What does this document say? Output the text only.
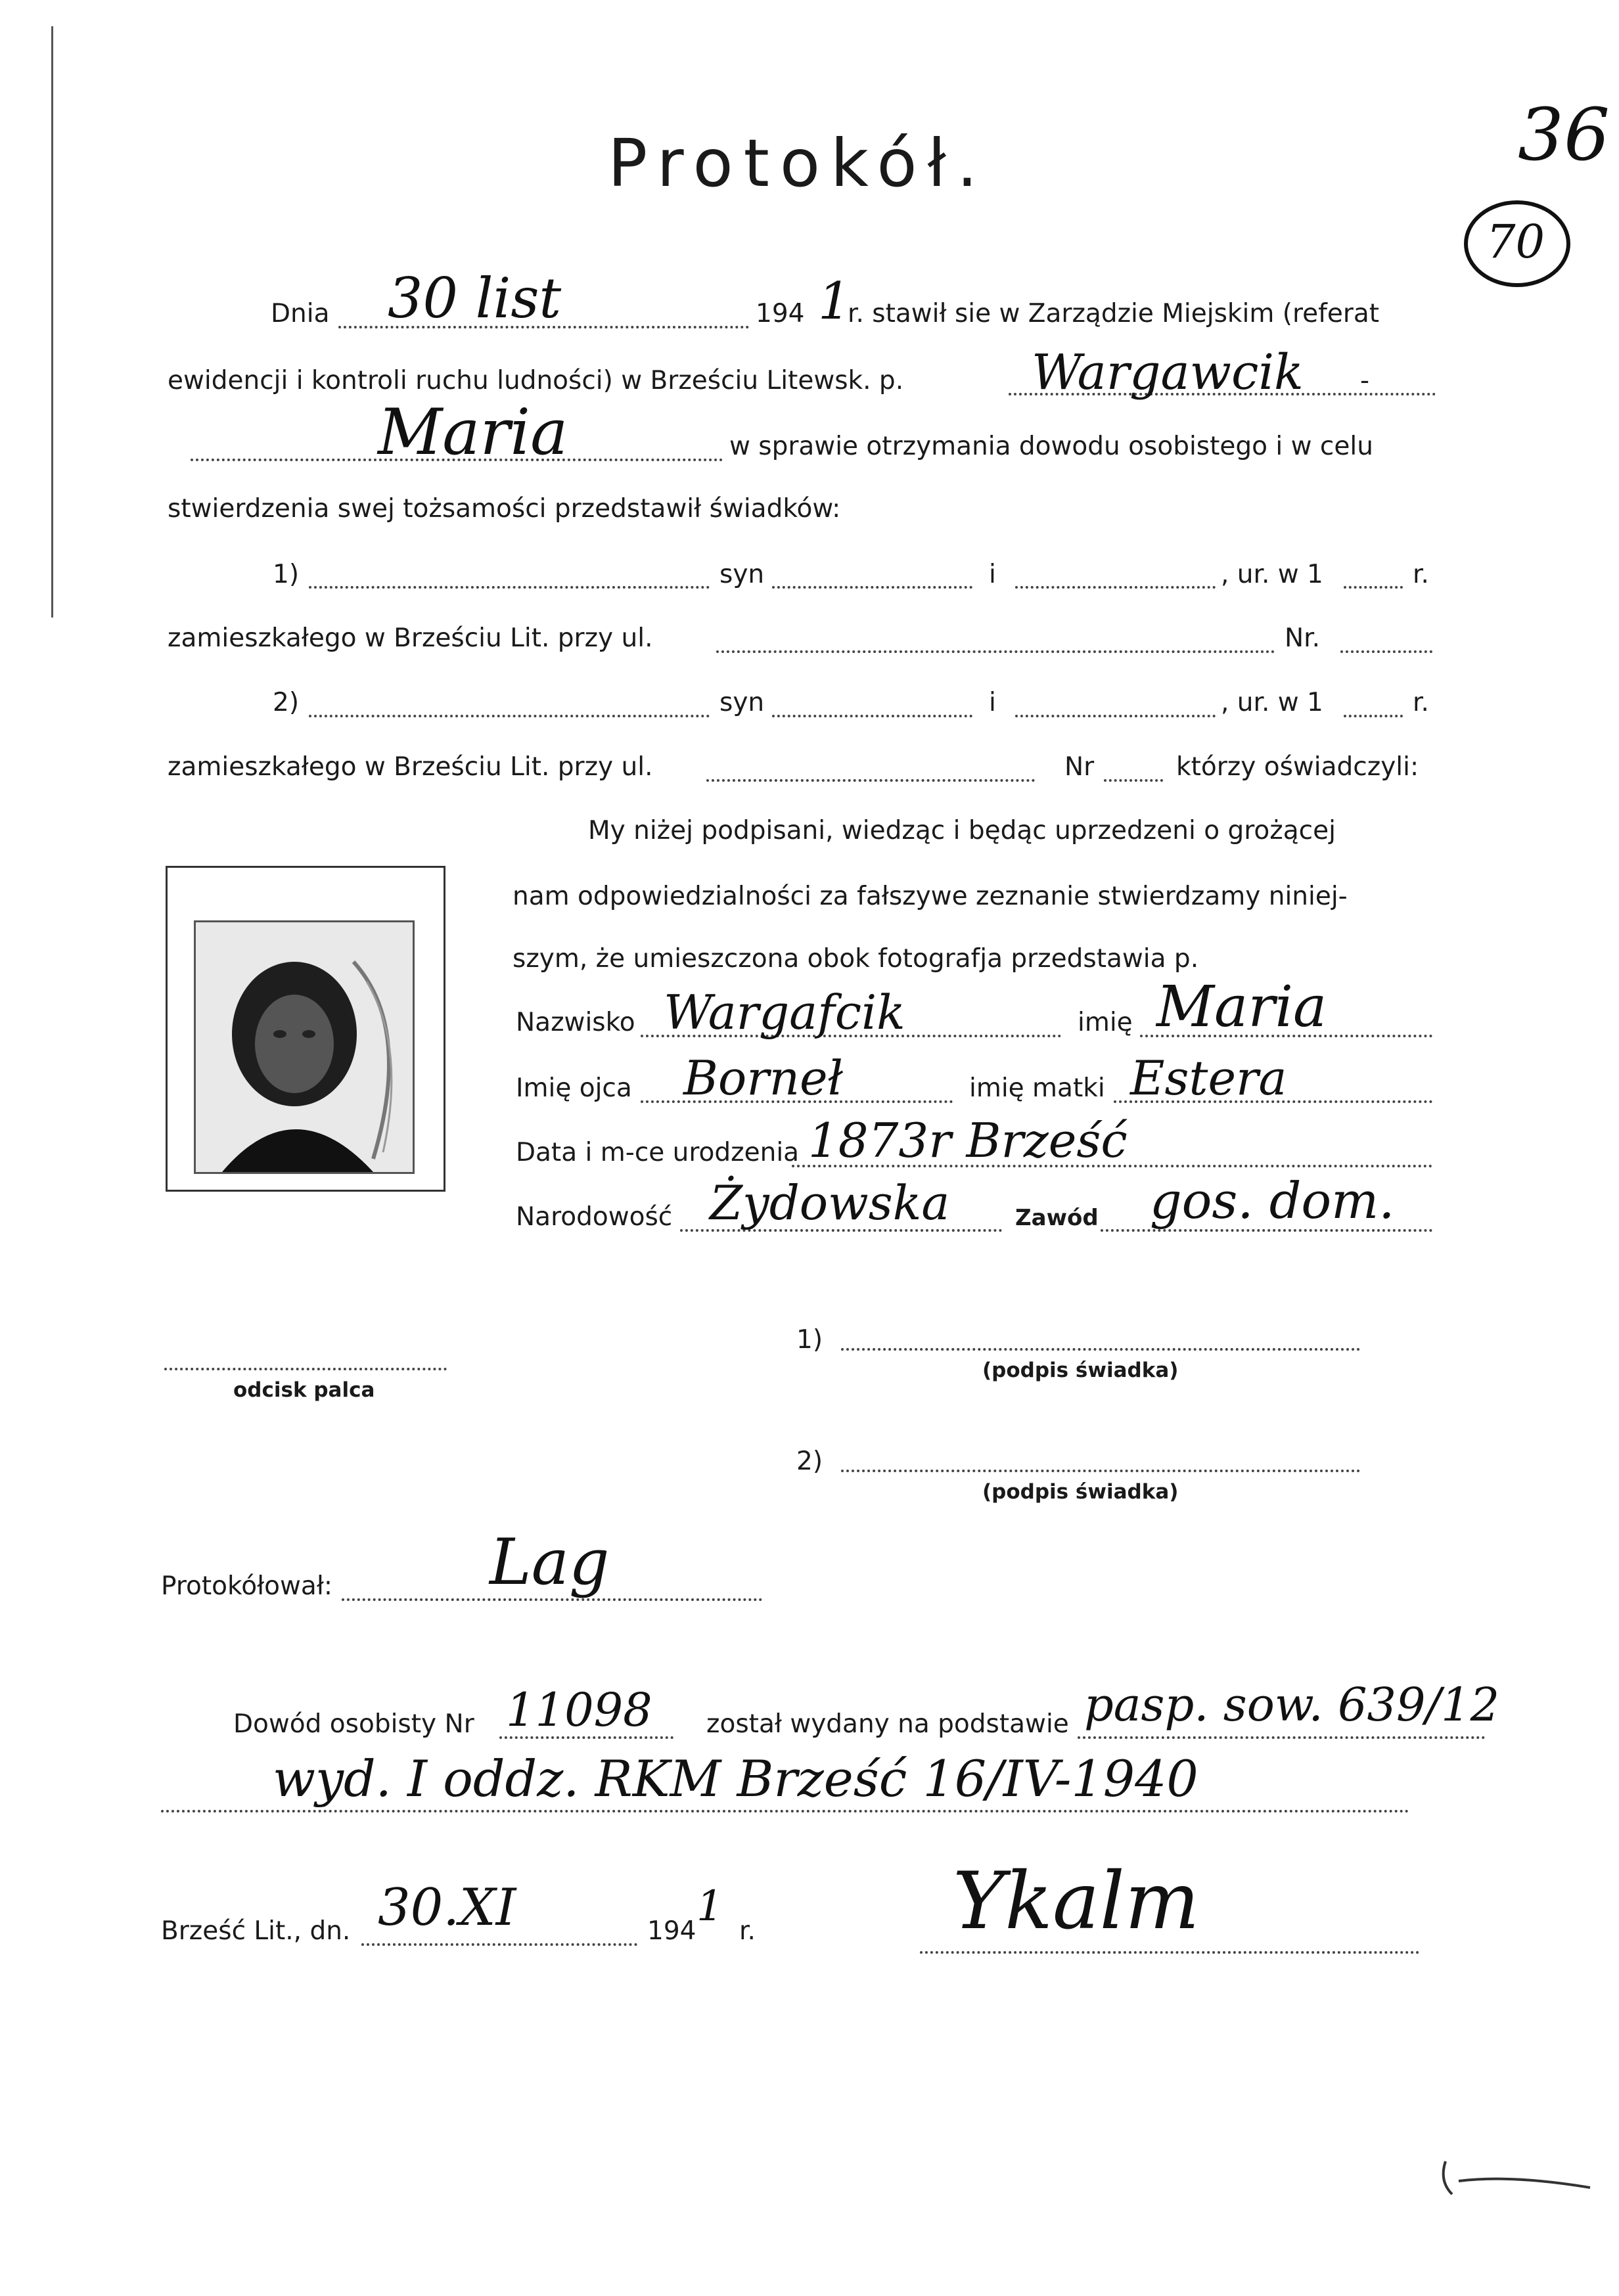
36
70
Protokół.
Dnia 30 list	194 1
r. stawił sie w Zarządzie Miejskim (referat
ewidencji i kontroli ruchu ludności) w Brześciu Litewsk. p.	Wargawcik -
Maria	w sprawie otrzymania dowodu osobistego i w celu
stwierdzenia swej tożsamości przedstawił świadków:
1)	syn	i	, ur. w 1	r.
zamieszkałego w Brześciu Lit. przy ul.	Nr.
2)	syn	i	, ur. w 1	r.
zamieszkałego w Brześciu Lit. przy ul.	Nr	którzy oświadczyli:
My niżej podpisani, wiedząc i będąc uprzedzeni o grożącej
nam odpowiedzialności za fałszywe zeznanie stwierdzamy niniej-
szym, że umieszczona obok fotografja przedstawia p.
Nazwisko Wargafcik	imię Maria
Imię ojca Borneł	imię matki Estera
Data i m-ce urodzenia 1873r Brześć
Narodowość Żydowska	Zawód gos. dom.
odcisk palca
1)
(podpis świadka)
2)
(podpis świadka)
Protokółował: Lag
Dowód osobisty Nr 11098 został wydany na podstawie pasp. sow. 639/12
wyd. I oddz. RKM Brześć 16/IV-1940
Brześć Lit., dn. 30.XI	194
1
r.	Ykalm
